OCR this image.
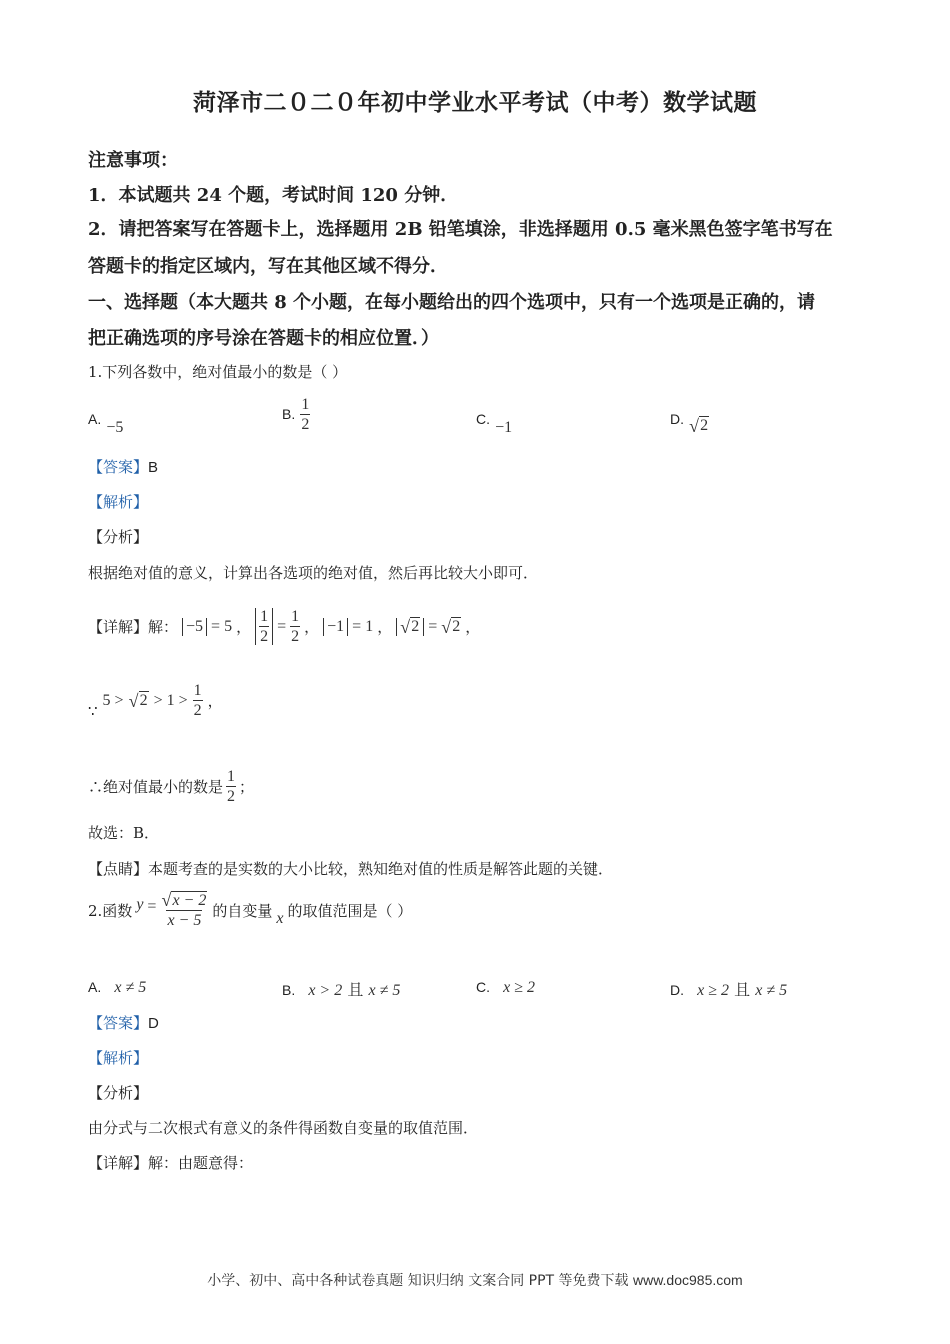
菏泽市二０二０年初中学业水平考试（中考）数学试题
注意事项：
1．本试题共 24 个题，考试时间 120 分钟．
2．请把答案写在答题卡上，选择题用 2B 铅笔填涂，非选择题用 0.5 毫米黑色签字笔书写在
答题卡的指定区域内，写在其他区域不得分．
一、选择题（本大题共 8 个小题，在每小题给出的四个选项中，只有一个选项是正确的，请
把正确选项的序号涂在答题卡的相应位置．）
1.下列各数中，绝对值最小的数是（ ）
A. −5
B. $\frac{1}{2}$	C. −1	D. √ 2
【答案】B
【解析】
【分析】
根据绝对值的意义，计算出各选项的绝对值，然后再比较大小即可．
【详解】解： −5 = 5 ， $\frac{1}{2} = \frac{1}{2}$ ， −1 = 1 ， √ 2 = √ 2 ，
∵
5 > √ $2 > 1 > \frac{1}{2}$ ，
∴绝对值最小的数是 $\frac{1}{2}$ ；
故选：B．
【点睛】本题考查的是实数的大小比较，熟知绝对值的性质是解答此题的关键．
2.函数 $y = \frac{√ x - 2}{x - 5}$ 的自变量 x 的取值范围是（ ）
A. x ≠ 5	B. x > 2 且 x ≠ 5	C. x ≥ 2	D. x ≥ 2 且 x ≠ 5
【答案】D
【解析】
【分析】
由分式与二次根式有意义的条件得函数自变量的取值范围．
【详解】解：由题意得：
小学、初中、高中各种试卷真题 知识归纳 文案合同 PPT 等免费下载 www.doc985.com
